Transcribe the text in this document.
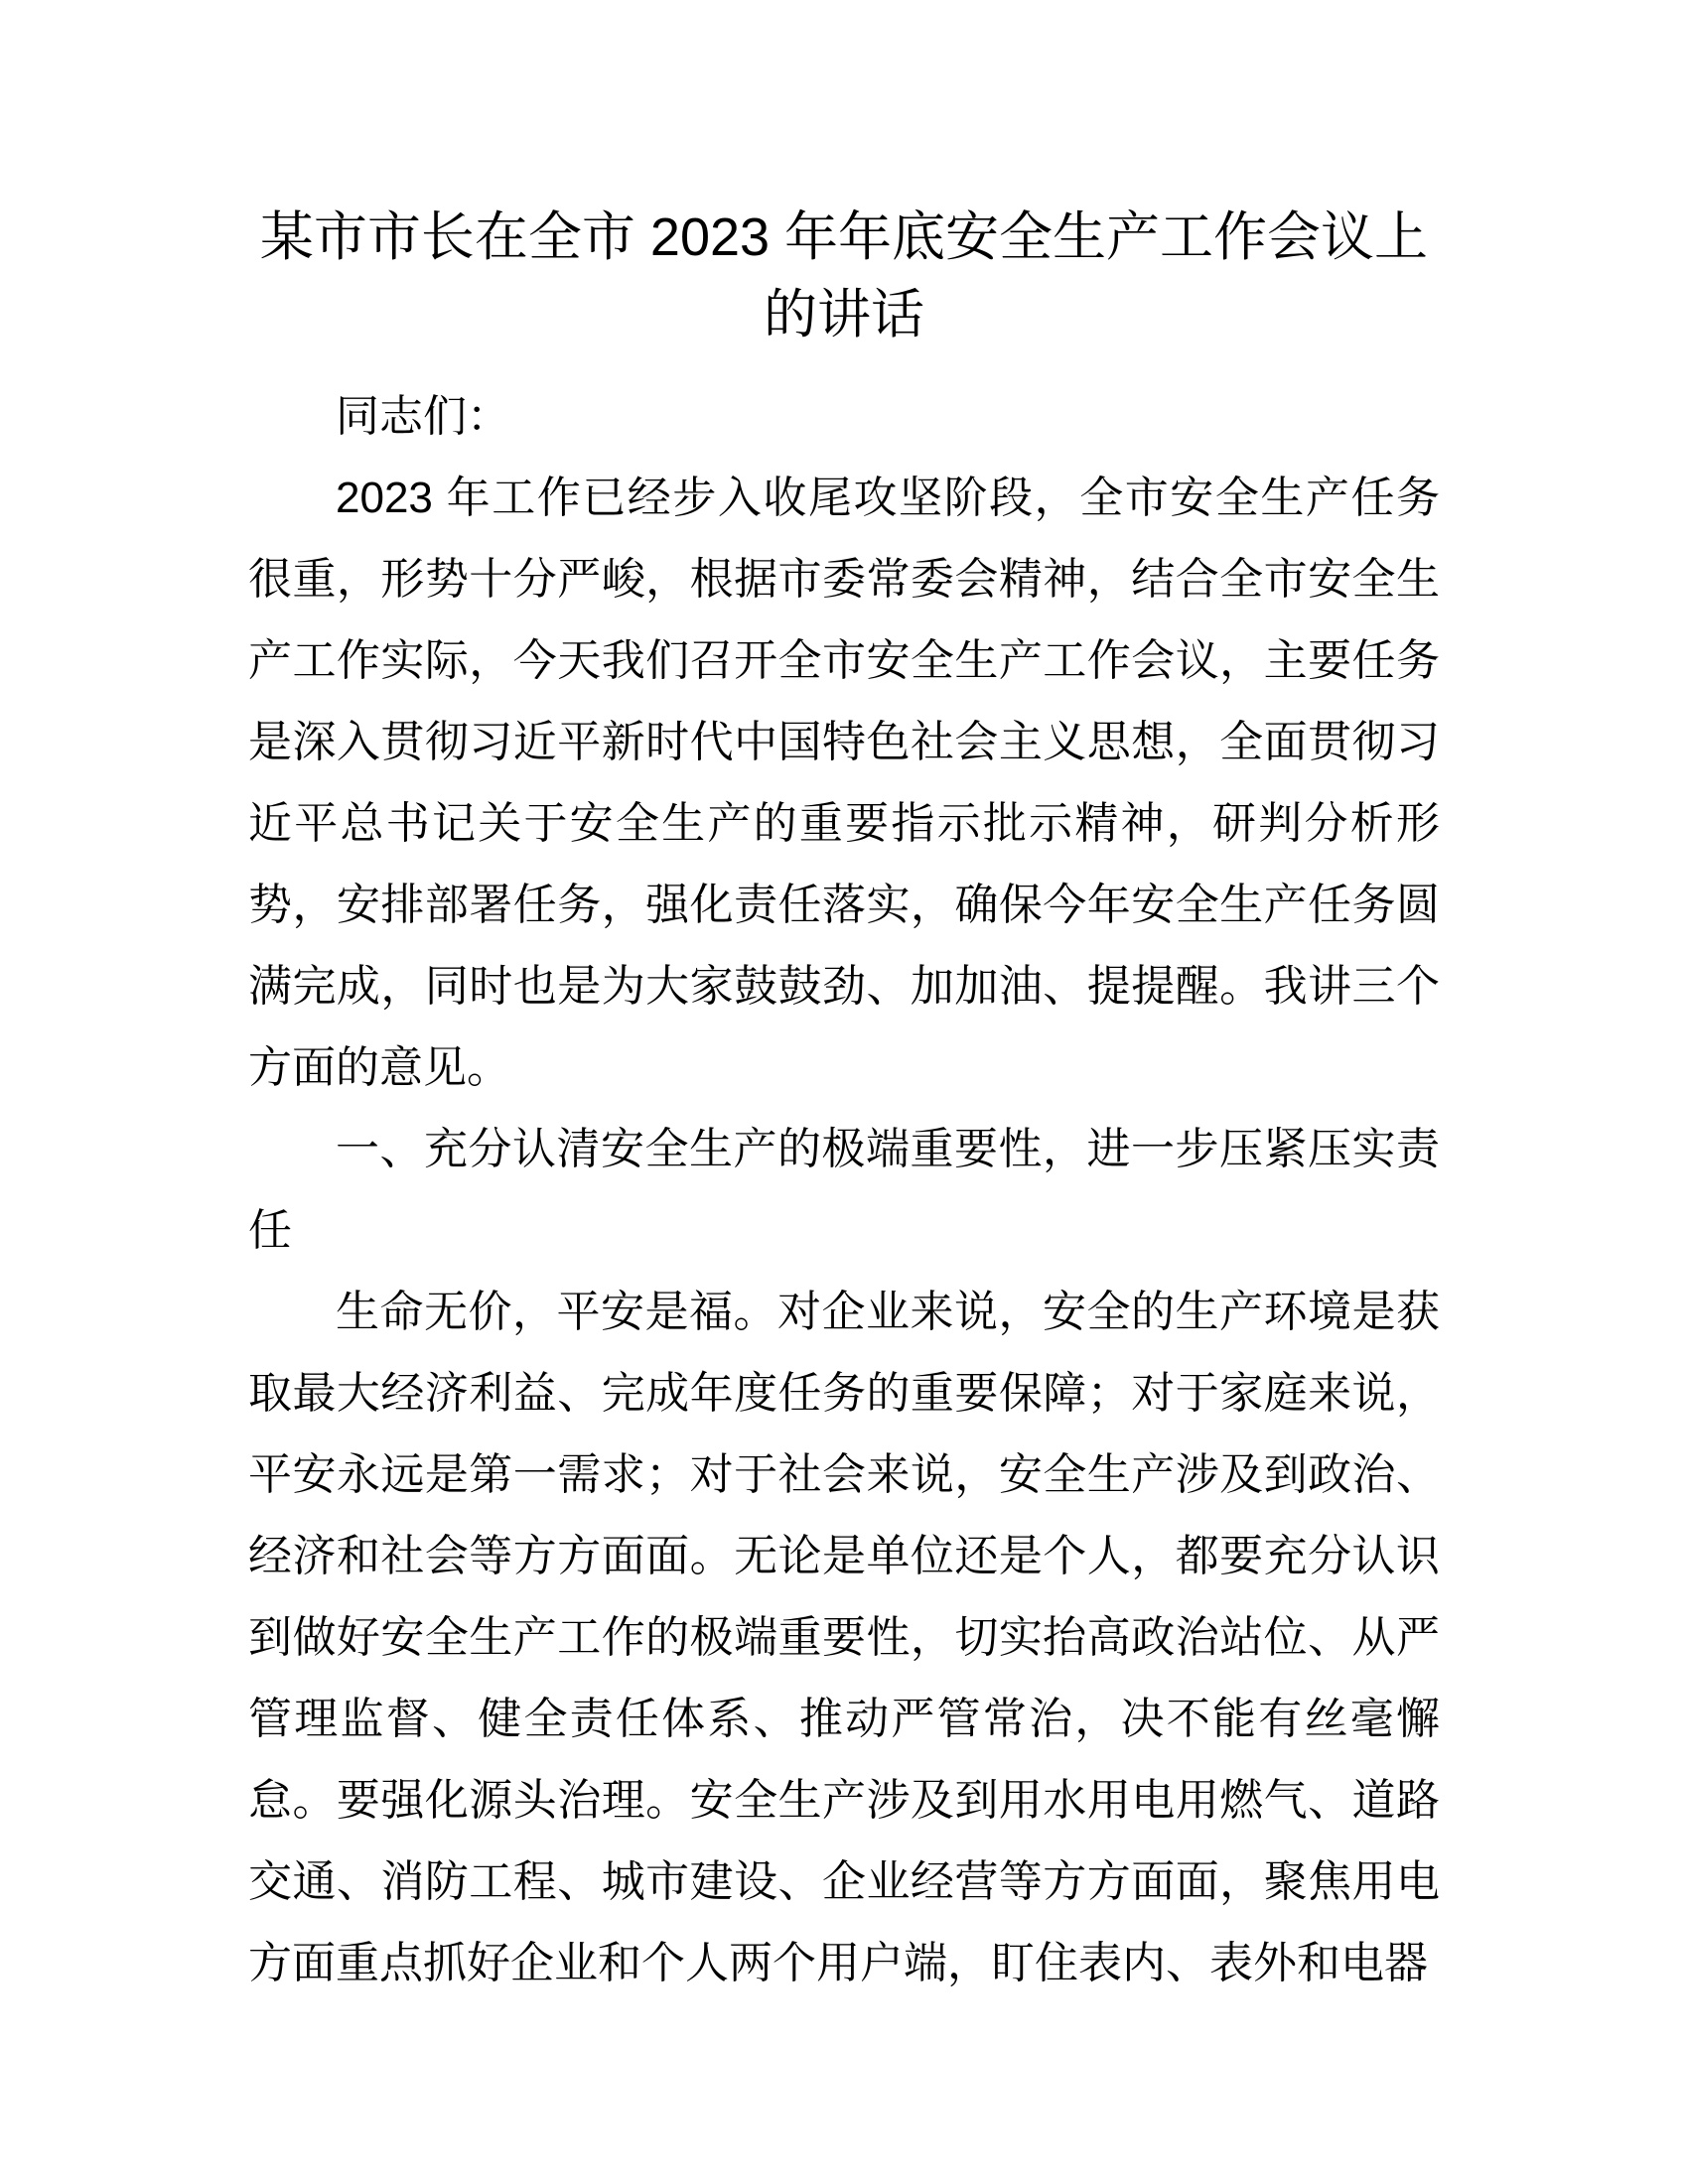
某市市长在全市 2023 年年底安全生产工作会议上的讲话

同志们：

2023 年工作已经步入收尾攻坚阶段，全市安全生产任务很重，形势十分严峻，根据市委常委会精神，结合全市安全生产工作实际，今天我们召开全市安全生产工作会议，主要任务是深入贯彻习近平新时代中国特色社会主义思想，全面贯彻习近平总书记关于安全生产的重要指示批示精神，研判分析形势，安排部署任务，强化责任落实，确保今年安全生产任务圆满完成，同时也是为大家鼓鼓劲、加加油、提提醒。我讲三个方面的意见。

一、充分认清安全生产的极端重要性，进一步压紧压实责任

生命无价，平安是福。对企业来说，安全的生产环境是获取最大经济利益、完成年度任务的重要保障；对于家庭来说，平安永远是第一需求；对于社会来说，安全生产涉及到政治、经济和社会等方方面面。无论是单位还是个人，都要充分认识到做好安全生产工作的极端重要性，切实抬高政治站位、从严管理监督、健全责任体系、推动严管常治，决不能有丝毫懈怠。要强化源头治理。安全生产涉及到用水用电用燃气、道路交通、消防工程、城市建设、企业经营等方方面面，聚焦用电方面重点抓好企业和个人两个用户端，盯住表内、表外和电器
